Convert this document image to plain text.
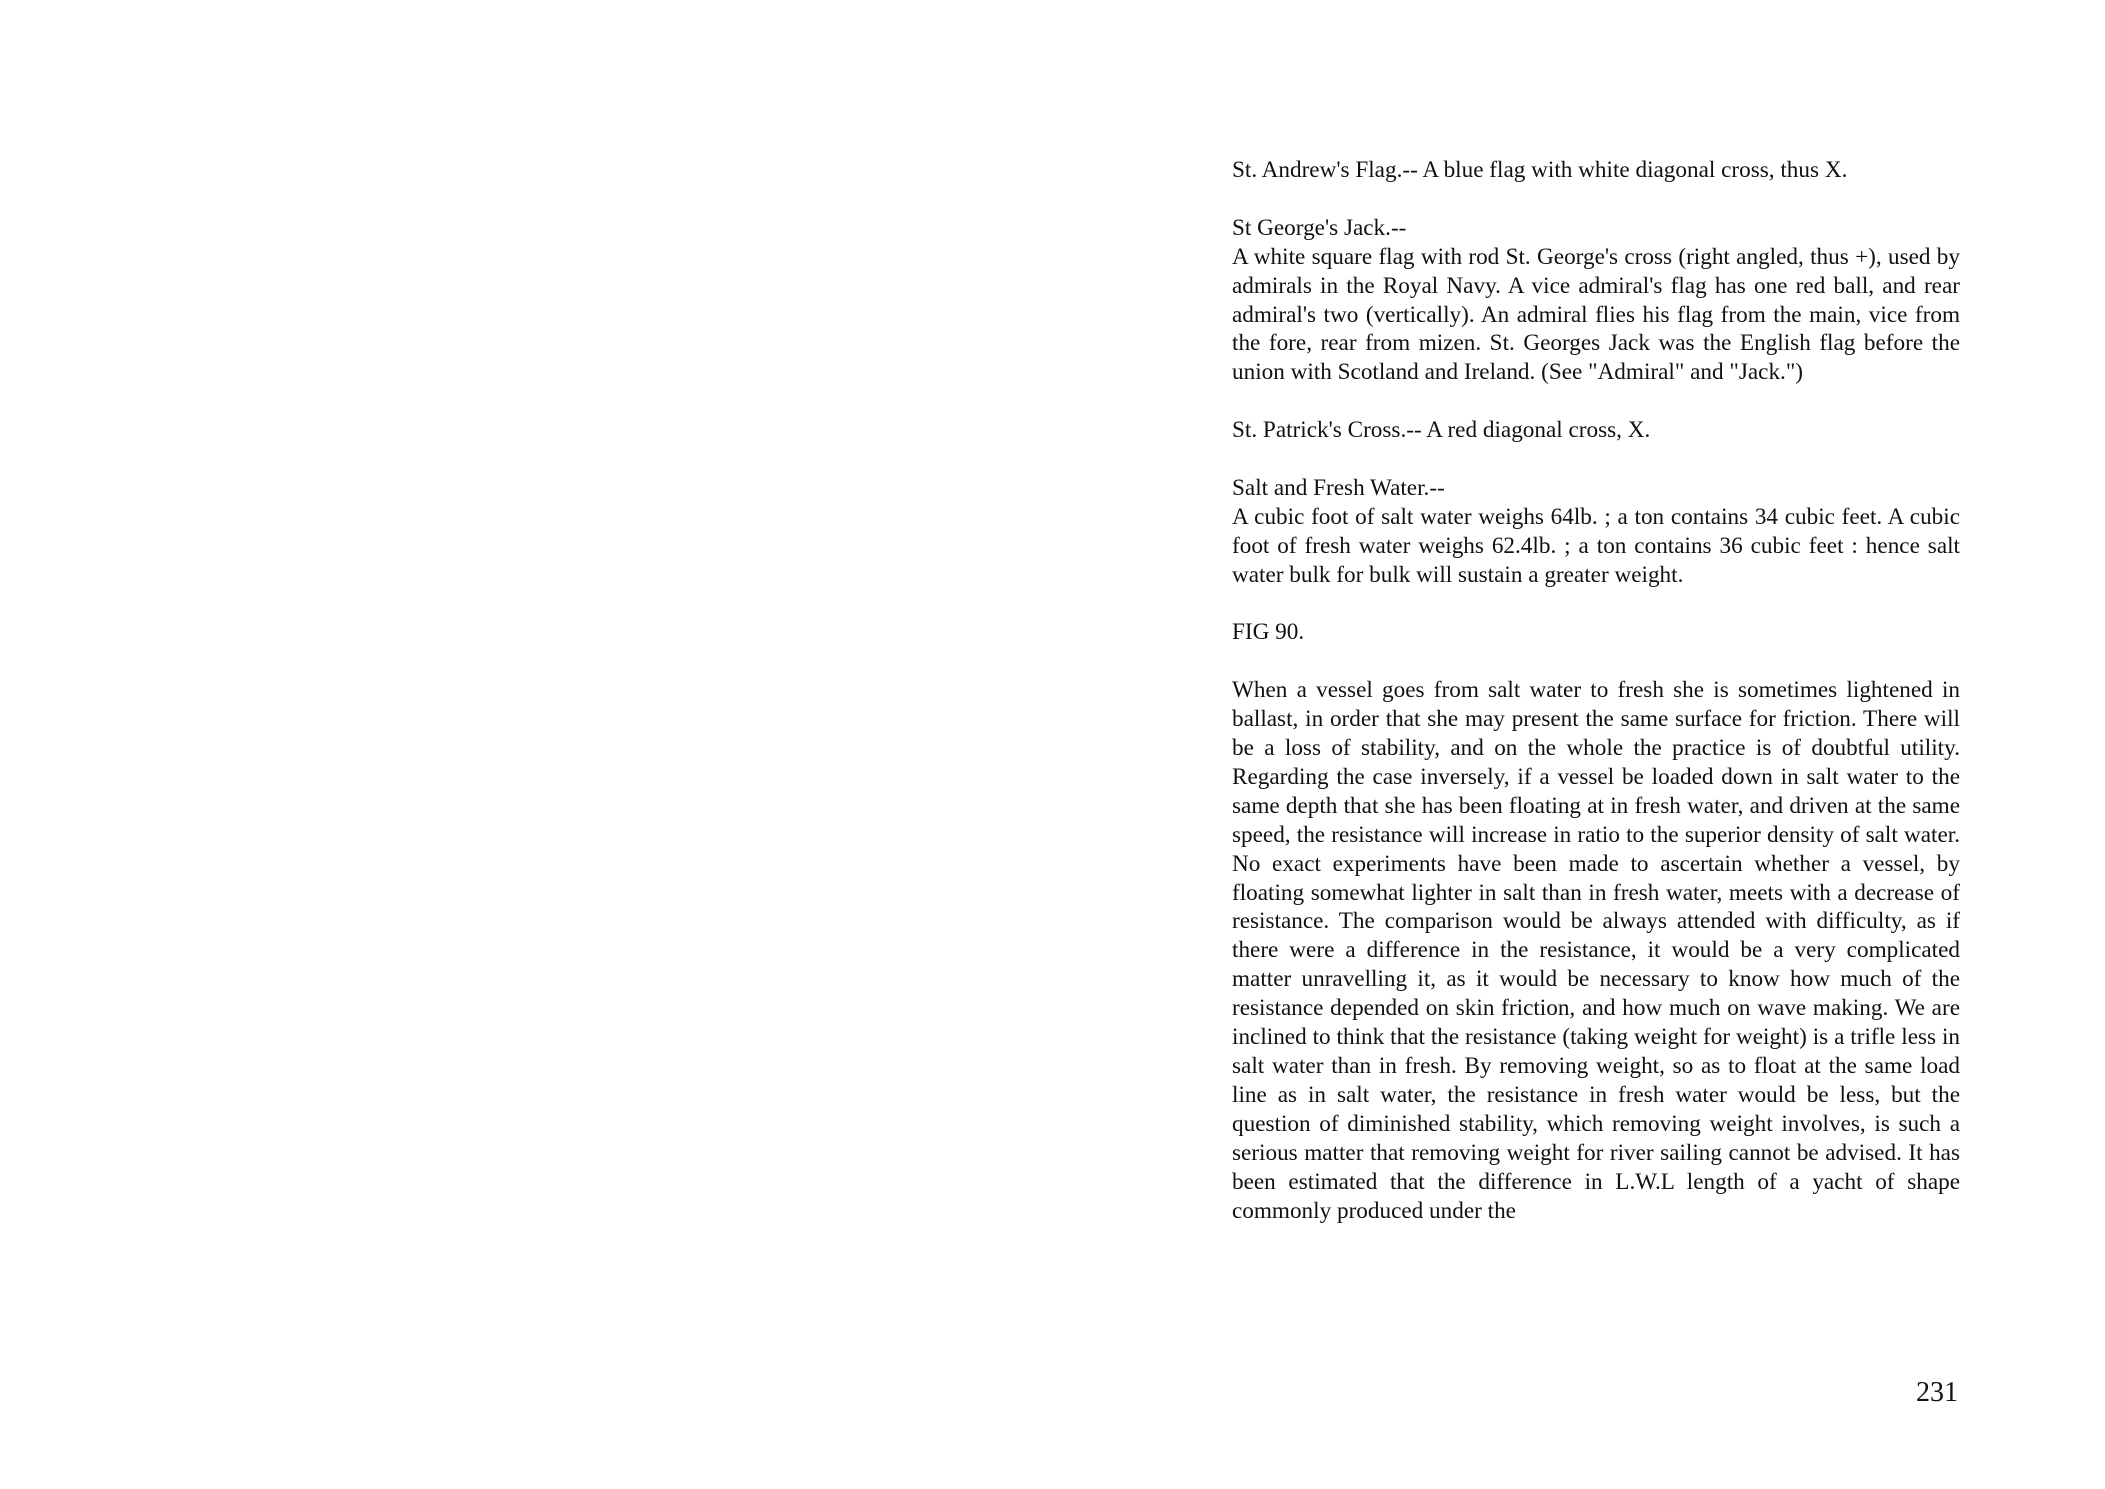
St. Andrew's Flag.-- A blue flag with white diagonal cross, thus X.

St George's Jack.--
A white square flag with rod St. George's cross (right angled, thus +), used by admirals in the Royal Navy. A vice admiral's flag has one red ball, and rear admiral's two (vertically). An admiral flies his flag from the main, vice from the fore, rear from mizen. St. Georges Jack was the English flag before the union with Scotland and Ireland. (See "Admiral" and "Jack.")

St. Patrick's Cross.-- A red diagonal cross, X.

Salt and Fresh Water.--
A cubic foot of salt water weighs 64lb. ; a ton contains 34 cubic feet. A cubic foot of fresh water weighs 62.4lb. ; a ton contains 36 cubic feet : hence salt water bulk for bulk will sustain a greater weight.

FIG 90.

When a vessel goes from salt water to fresh she is sometimes lightened in ballast, in order that she may present the same surface for friction. There will be a loss of stability, and on the whole the practice is of doubtful utility. Regarding the case inversely, if a vessel be loaded down in salt water to the same depth that she has been floating at in fresh water, and driven at the same speed, the resistance will increase in ratio to the superior density of salt water. No exact experiments have been made to ascertain whether a vessel, by floating somewhat lighter in salt than in fresh water, meets with a decrease of resistance. The comparison would be always attended with difficulty, as if there were a difference in the resistance, it would be a very complicated matter unravelling it, as it would be necessary to know how much of the resistance depended on skin friction, and how much on wave making. We are inclined to think that the resistance (taking weight for weight) is a trifle less in salt water than in fresh. By removing weight, so as to float at the same load line as in salt water, the resistance in fresh water would be less, but the question of diminished stability, which removing weight involves, is such a serious matter that removing weight for river sailing cannot be advised. It has been estimated that the difference in L.W.L length of a yacht of shape commonly produced under the

231
